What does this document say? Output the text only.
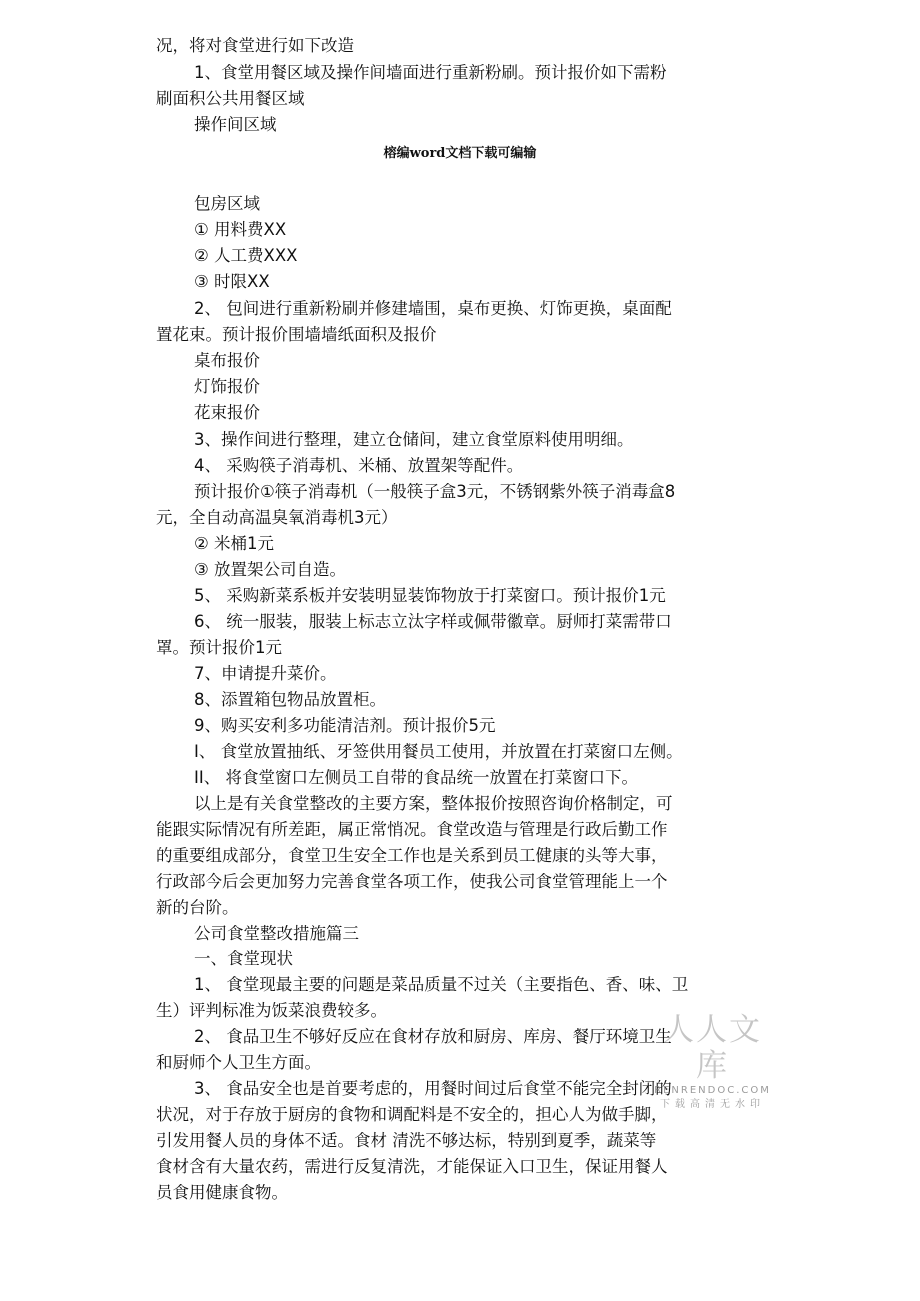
况，将对食堂进行如下改造
1、食堂用餐区域及操作间墙面进行重新粉刷。预计报价如下需粉
刷面积公共用餐区域
操作间区域
榕编word文档下载可编输
包房区域
① 用料费XX
② 人工费XXX
③ 时限XX
2、 包间进行重新粉刷并修建墙围，桌布更换、灯饰更换，桌面配
置花束。预计报价围墙墙纸面积及报价
桌布报价
灯饰报价
花束报价
3、操作间进行整理，建立仓储间，建立食堂原料使用明细。
4、 采购筷子消毒机、米桶、放置架等配件。
预计报价①筷子消毒机（一般筷子盒3元，不锈钢紫外筷子消毒盒8
元，全自动高温臭氧消毒机3元）
② 米桶1元
③ 放置架公司自造。
5、 采购新菜系板并安装明显装饰物放于打菜窗口。预计报价1元
6、 统一服装，服装上标志立汰字样或佩带徽章。厨师打菜需带口
罩。预计报价1元
7、申请提升菜价。
8、添置箱包物品放置柜。
9、购买安利多功能清洁剂。预计报价5元
I、 食堂放置抽纸、牙签供用餐员工使用，并放置在打菜窗口左侧。
II、 将食堂窗口左侧员工自带的食品统一放置在打菜窗口下。
以上是有关食堂整改的主要方案，整体报价按照咨询价格制定，可
能跟实际情况有所差距，属正常悄况。食堂改造与管理是行政后勤工作
的重要组成部分，食堂卫生安全工作也是关系到员工健康的头等大事，
行政部今后会更加努力完善食堂各项工作，使我公司食堂管理能上一个
新的台阶。
公司食堂整改措施篇三
一、食堂现状
1、 食堂现最主要的问题是菜品质量不过关（主要指色、香、味、卫
生）评判标准为饭菜浪费较多。
2、 食品卫生不够好反应在食材存放和厨房、库房、餐厅环境卫生
和厨师个人卫生方面。
3、 食品安全也是首要考虑的，用餐时间过后食堂不能完全封闭的
状况，对于存放于厨房的食物和调配料是不安全的，担心人为做手脚，
引发用餐人员的身体不适。食材 清洗不够达标，特别到夏季，蔬菜等
食材含有大量农药，需进行反复清洗，才能保证入口卫生，保证用餐人
员食用健康食物。
人人文库
RENRENDOC.COM
下载高清无水印
